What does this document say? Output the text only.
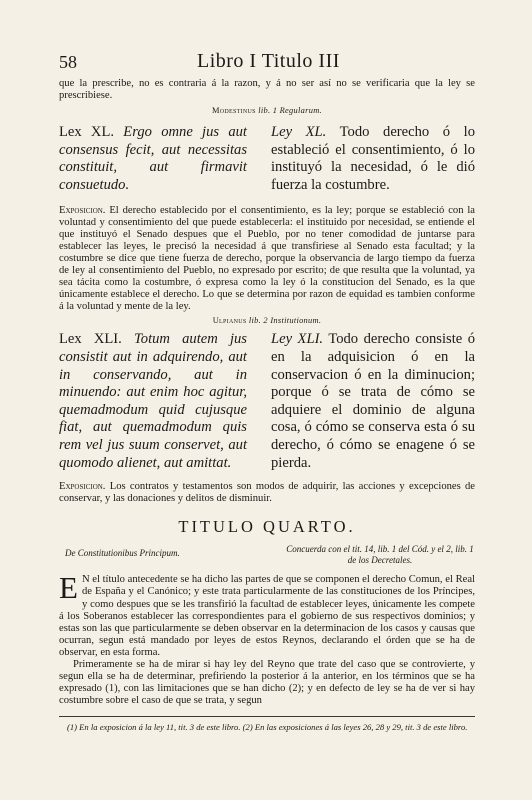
58	Libro I Titulo III

que la prescribe, no es contraria á la razon, y á no ser así no se verificaria que la ley se prescribiese.

Modestinus lib. 1 Regularum.

Lex XL. Ergo omne jus aut consensus fecit, aut necessitas constituit, aut firmavit consuetudo.

Ley XL. Todo derecho ó lo estableció el consentimiento, ó lo instituyó la necesidad, ó le dió fuerza la costumbre.

Exposicion. El derecho establecido por el consentimiento, es la ley; porque se estableció con la voluntad y consentimiento del que puede establecerla: el instituido por necesidad, se entiende el que instituyó el Senado despues que el Pueblo, por no tener comodidad de juntarse para establecer las leyes, le precisó la necesidad á que transfiriese al Senado esta facultad; y la costumbre se dice que tiene fuerza de derecho, porque la observancia de largo tiempo da fuerza de ley al consentimiento del Pueblo, no expresado por escrito; de que resulta que la voluntad, ya sea tácita como la costumbre, ó expresa como la ley ó la constitucion del Senado, es la que únicamente establece el derecho. Lo que se determina por razon de equidad es tambien conforme á la voluntad y mente de la ley.

Ulpianus lib. 2 Institutionum.

Lex XLI. Totum autem jus consistit aut in adquirendo, aut in conservando, aut in minuendo: aut enim hoc agitur, quemadmodum quid cujusque fiat, aut quemadmodum quis rem vel jus suum conservet, aut quomodo alienet, aut amittat.

Ley XLI. Todo derecho consiste ó en la adquisicion ó en la conservacion ó en la diminucion; porque ó se trata de cómo se adquiere el dominio de alguna cosa, ó cómo se conserva esta ó su derecho, ó cómo se enagene ó se pierda.

Exposicion. Los contratos y testamentos son modos de adquirir, las acciones y excepciones de conservar, y las donaciones y delitos de disminuir.

TITULO QUARTO.

De Constitutionibus Principum.	Concuerda con el tit. 14, lib. 1 del Cód. y el 2, lib. 1 de los Decretales.

E N el título antecedente se ha dicho las partes de que se componen el derecho Comun, el Real de España y el Canónico; y este trata particularmente de las constituciones de los Príncipes, y como despues que se les transfirió la facultad de establecer leyes, únicamente les compete á los Soberanos establecer las correspondientes para el gobierno de sus respectivos dominios; y estas son las que particularmente se deben observar en la determinacion de los casos y causas que ocurran, segun está mandado por leyes de estos Reynos, declarando el órden que se ha de observar, en esta forma.

Primeramente se ha de mirar si hay ley del Reyno que trate del caso que se controvierte, y segun ella se ha de determinar, prefiriendo la posterior á la anterior, en los términos que se ha expresado (1), con las limitaciones que se han dicho (2); y en defecto de ley se ha de ver si hay costumbre sobre el caso de que se trata, y segun

(1) En la exposicion á la ley 11, tit. 3 de este libro. (2) En las exposiciones á las leyes 26, 28 y 29, tit. 3 de este libro.
